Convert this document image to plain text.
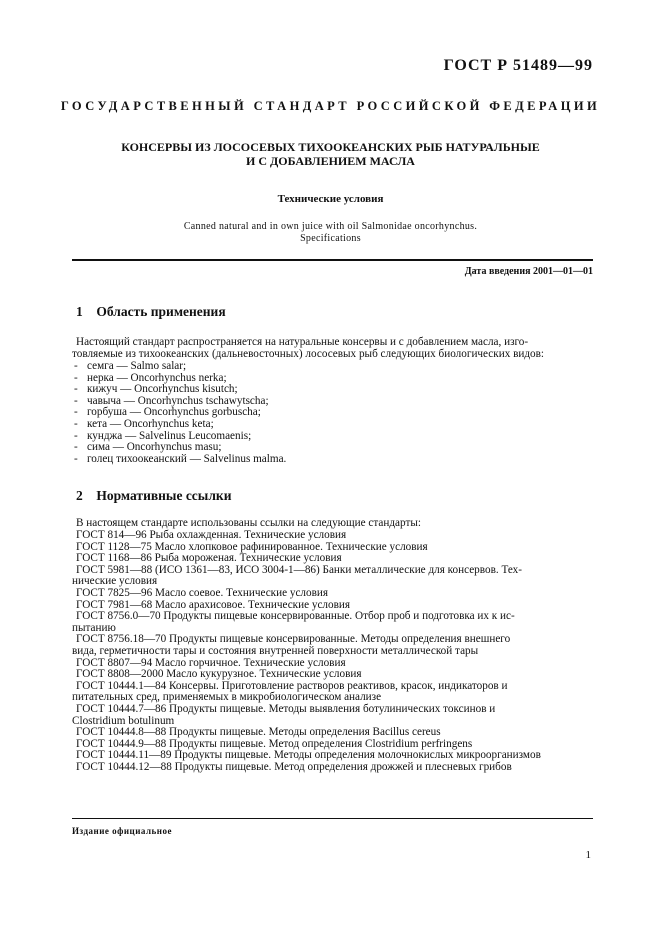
ГОСТ Р 51489—99
ГОСУДАРСТВЕННЫЙ СТАНДАРТ РОССИЙСКОЙ ФЕДЕРАЦИИ
КОНСЕРВЫ ИЗ ЛОСОСЕВЫХ ТИХООКЕАНСКИХ РЫБ НАТУРАЛЬНЫЕ
И С ДОБАВЛЕНИЕМ МАСЛА
Технические условия
Canned natural and in own juice with oil Salmonidae oncorhynchus.
Specifications
Дата введения 2001—01—01
1 Область применения
Настоящий стандарт распространяется на натуральные консервы и с добавлением масла, изго-
товляемые из тихоокеанских (дальневосточных) лососевых рыб следующих биологических видов:
- семга — Salmo salar;
- нерка — Oncorhynchus nerka;
- кижуч — Oncorhynchus kisutch;
- чавыча — Oncorhynchus tschawytscha;
- горбуша — Oncorhynchus gorbuscha;
- кета — Oncorhynchus keta;
- кунджа — Salvelinus Leucomaenis;
- сима — Oncorhynchus masu;
- голец тихоокеанский — Salvelinus malma.
2 Нормативные ссылки
В настоящем стандарте использованы ссылки на следующие стандарты:
ГОСТ 814—96 Рыба охлажденная. Технические условия
ГОСТ 1128—75 Масло хлопковое рафинированное. Технические условия
ГОСТ 1168—86 Рыба мороженая. Технические условия
ГОСТ 5981—88 (ИСО 1361—83, ИСО 3004-1—86) Банки металлические для консервов. Тех-
нические условия
ГОСТ 7825—96 Масло соевое. Технические условия
ГОСТ 7981—68 Масло арахисовое. Технические условия
ГОСТ 8756.0—70 Продукты пищевые консервированные. Отбор проб и подготовка их к ис-
пытанию
ГОСТ 8756.18—70 Продукты пищевые консервированные. Методы определения внешнего
вида, герметичности тары и состояния внутренней поверхности металлической тары
ГОСТ 8807—94 Масло горчичное. Технические условия
ГОСТ 8808—2000 Масло кукурузное. Технические условия
ГОСТ 10444.1—84 Консервы. Приготовление растворов реактивов, красок, индикаторов и
питательных сред, применяемых в микробиологическом анализе
ГОСТ 10444.7—86 Продукты пищевые. Методы выявления ботулинических токсинов и
Clostridium botulinum
ГОСТ 10444.8—88 Продукты пищевые. Методы определения Bacillus cereus
ГОСТ 10444.9—88 Продукты пищевые. Метод определения Clostridium perfringens
ГОСТ 10444.11—89 Продукты пищевые. Методы определения молочнокислых микроорганизмов
ГОСТ 10444.12—88 Продукты пищевые. Метод определения дрожжей и плесневых грибов
Издание официальное
1
